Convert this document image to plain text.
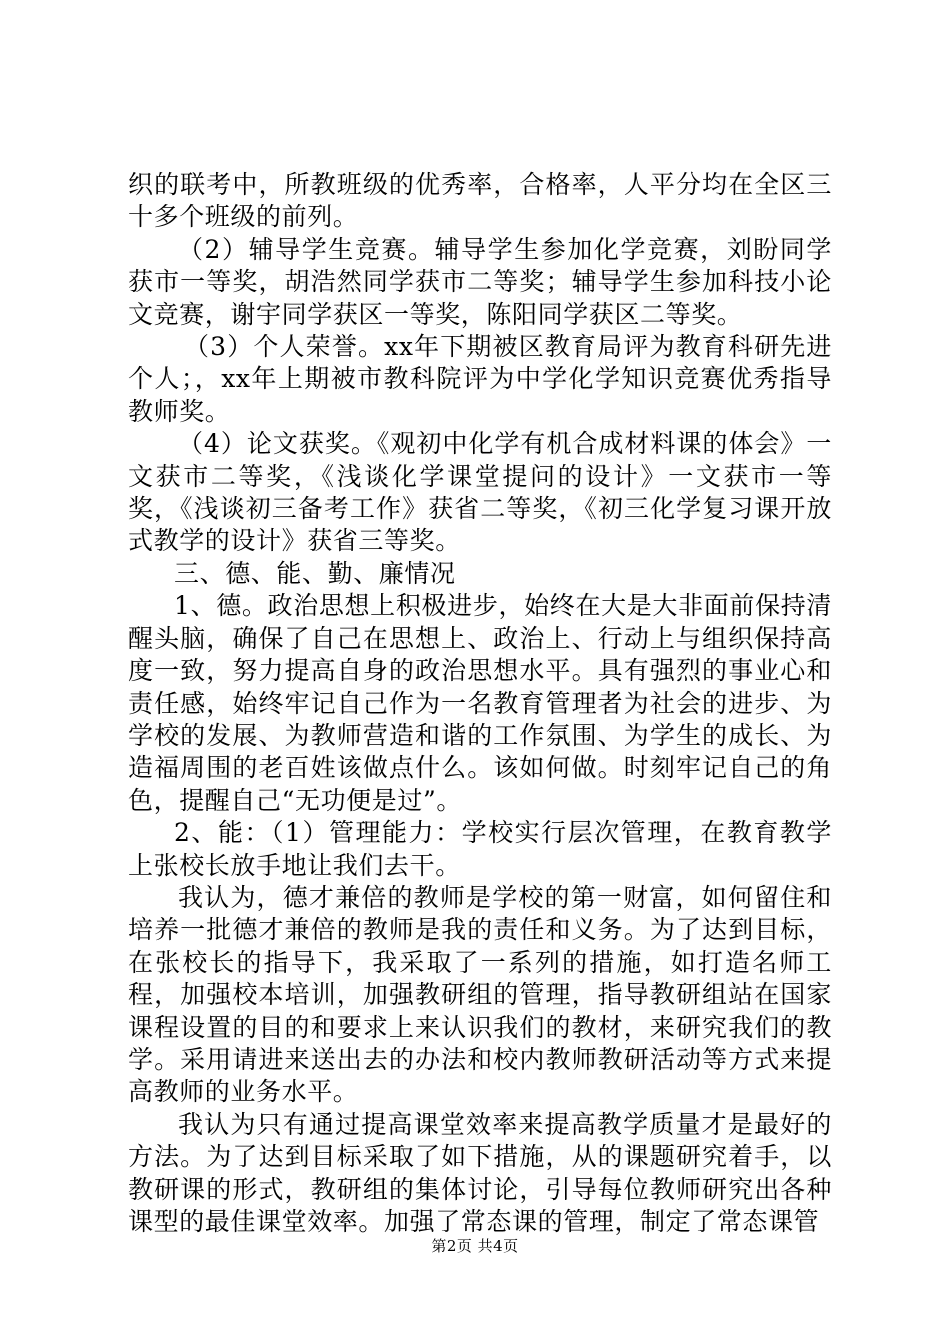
织的联考中，所教班级的优秀率，合格率，人平分均在全区三十多个班级的前列。

（2）辅导学生竞赛。辅导学生参加化学竞赛，刘盼同学获市一等奖，胡浩然同学获市二等奖；辅导学生参加科技小论文竞赛，谢宇同学获区一等奖，陈阳同学获区二等奖。

（3）个人荣誉。xx年下期被区教育局评为教育科研先进个人；，xx年上期被市教科院评为中学化学知识竞赛优秀指导教师奖。

（4）论文获奖。《观初中化学有机合成材料课的体会》一文获市二等奖，《浅谈化学课堂提问的设计》一文获市一等奖，《浅谈初三备考工作》获省二等奖，《初三化学复习课开放式教学的设计》获省三等奖。

三、德、能、勤、廉情况

1、德。政治思想上积极进步，始终在大是大非面前保持清醒头脑，确保了自己在思想上、政治上、行动上与组织保持高度一致，努力提高自身的政治思想水平。具有强烈的事业心和责任感，始终牢记自己作为一名教育管理者为社会的进步、为学校的发展、为教师营造和谐的工作氛围、为学生的成长、为造福周围的老百姓该做点什么。该如何做。时刻牢记自己的角色，提醒自己“无功便是过”。

2、能：（1）管理能力：学校实行层次管理，在教育教学上张校长放手地让我们去干。

我认为，德才兼倍的教师是学校的第一财富，如何留住和培养一批德才兼倍的教师是我的责任和义务。为了达到目标，在张校长的指导下，我采取了一系列的措施，如打造名师工程，加强校本培训，加强教研组的管理，指导教研组站在国家课程设置的目的和要求上来认识我们的教材，来研究我们的教学。采用请进来送出去的办法和校内教师教研活动等方式来提高教师的业务水平。

我认为只有通过提高课堂效率来提高教学质量才是最好的方法。为了达到目标采取了如下措施，从的课题研究着手，以教研课的形式，教研组的集体讨论，引导每位教师研究出各种课型的最佳课堂效率。加强了常态课的管理，制定了常态课管

第2页 共4页
